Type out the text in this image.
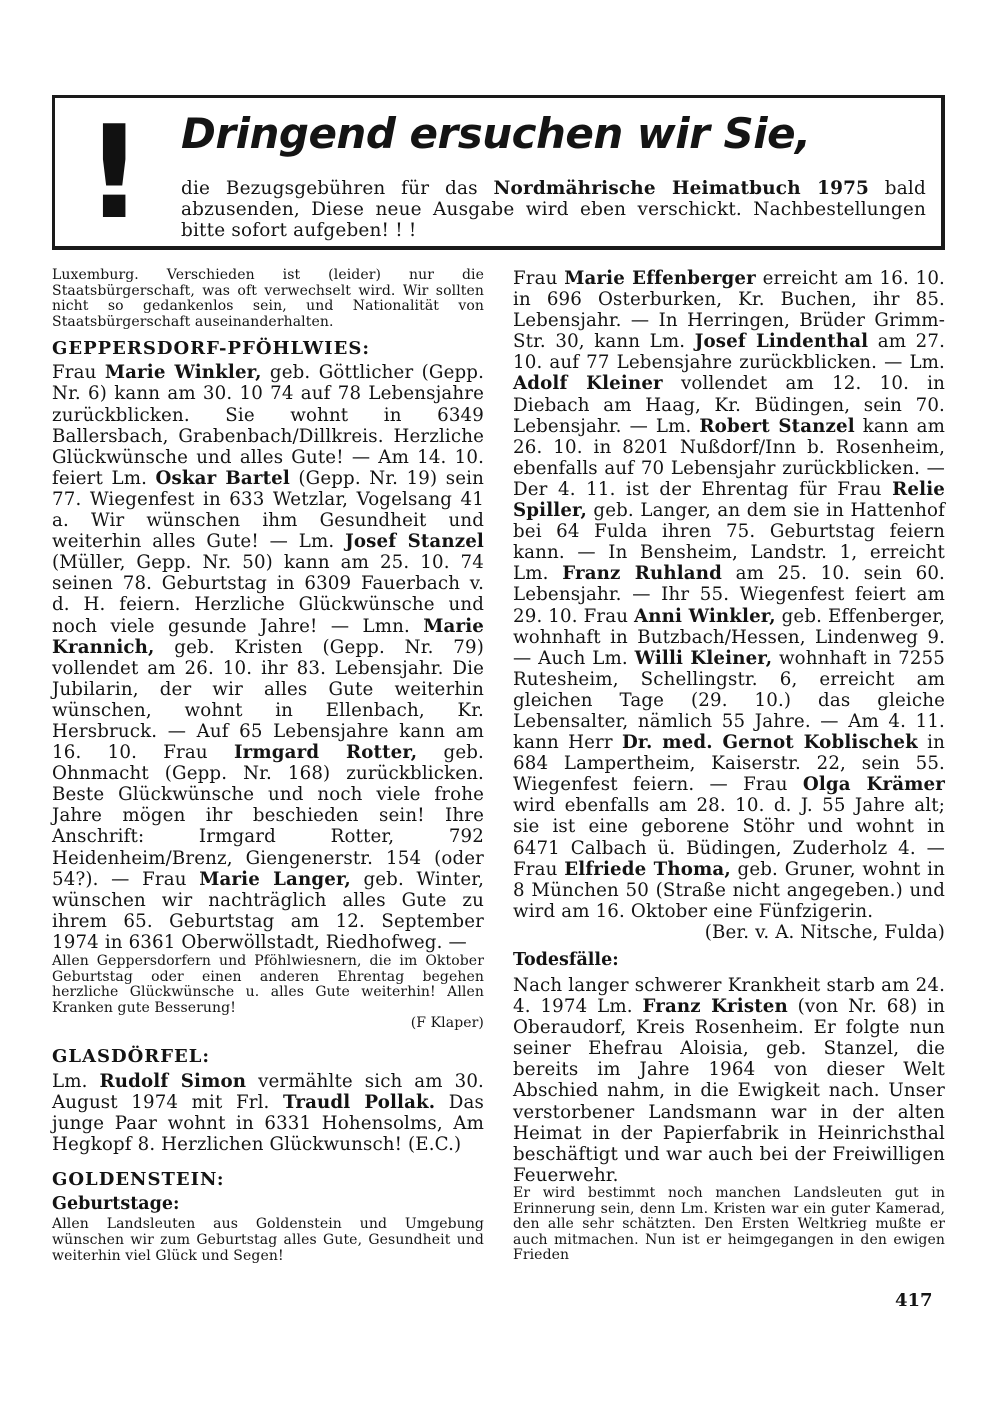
! Dringend ersuchen wir Sie,

die Bezugsgebühren für das Nordmährische Heimatbuch 1975 bald abzusenden, Diese neue Ausgabe wird eben verschickt. Nachbestellungen bitte sofort aufgeben! ! !

Luxemburg. Verschieden ist (leider) nur die Staatsbürgerschaft, was oft verwechselt wird. Wir sollten nicht so gedankenlos sein, und Nationalität von Staatsbürgerschaft auseinanderhalten.

GEPPERSDORF-PFÖHLWIES:

Frau Marie Winkler, geb. Göttlicher (Gepp. Nr. 6) kann am 30. 10 74 auf 78 Lebensjahre zurückblicken. Sie wohnt in 6349 Ballersbach, Grabenbach/Dillkreis. Herzliche Glückwünsche und alles Gute! — Am 14. 10. feiert Lm. Oskar Bartel (Gepp. Nr. 19) sein 77. Wiegenfest in 633 Wetzlar, Vogelsang 41 a. Wir wünschen ihm Gesundheit und weiterhin alles Gute! — Lm. Josef Stanzel (Müller, Gepp. Nr. 50) kann am 25. 10. 74 seinen 78. Geburtstag in 6309 Fauerbach v. d. H. feiern. Herzliche Glückwünsche und noch viele gesunde Jahre! — Lmn. Marie Krannich, geb. Kristen (Gepp. Nr. 79) vollendet am 26. 10. ihr 83. Lebensjahr. Die Jubilarin, der wir alles Gute weiterhin wünschen, wohnt in Ellenbach, Kr. Hersbruck. — Auf 65 Lebensjahre kann am 16. 10. Frau Irmgard Rotter, geb. Ohnmacht (Gepp. Nr. 168) zurückblicken. Beste Glückwünsche und noch viele frohe Jahre mögen ihr beschieden sein! Ihre Anschrift: Irmgard Rotter, 792 Heidenheim/Brenz, Giengenerstr. 154 (oder 54?). — Frau Marie Langer, geb. Winter, wünschen wir nachträglich alles Gute zu ihrem 65. Geburtstag am 12. September 1974 in 6361 Oberwöllstadt, Riedhofweg. —

Allen Geppersdorfern und Pföhlwiesnern, die im Oktober Geburtstag oder einen anderen Ehrentag begehen herzliche Glückwünsche u. alles Gute weiterhin! Allen Kranken gute Besserung!

(F Klaper)

GLASDÖRFEL:

Lm. Rudolf Simon vermählte sich am 30. August 1974 mit Frl. Traudl Pollak. Das junge Paar wohnt in 6331 Hohensolms, Am Hegkopf 8. Herzlichen Glückwunsch! (E.C.)

GOLDENSTEIN:
Geburtstage:

Allen Landsleuten aus Goldenstein und Umgebung wünschen wir zum Geburtstag alles Gute, Gesundheit und weiterhin viel Glück und Segen!

Frau Marie Effenberger erreicht am 16. 10. in 696 Osterburken, Kr. Buchen, ihr 85. Lebensjahr. — In Herringen, Brüder Grimm-Str. 30, kann Lm. Josef Lindenthal am 27. 10. auf 77 Lebensjahre zurückblicken. — Lm. Adolf Kleiner vollendet am 12. 10. in Diebach am Haag, Kr. Büdingen, sein 70. Lebensjahr. — Lm. Robert Stanzel kann am 26. 10. in 8201 Nußdorf/Inn b. Rosenheim, ebenfalls auf 70 Lebensjahr zurückblicken. — Der 4. 11. ist der Ehrentag für Frau Relie Spiller, geb. Langer, an dem sie in Hattenhof bei 64 Fulda ihren 75. Geburtstag feiern kann. — In Bensheim, Landstr. 1, erreicht Lm. Franz Ruhland am 25. 10. sein 60. Lebensjahr. — Ihr 55. Wiegenfest feiert am 29. 10. Frau Anni Winkler, geb. Effenberger, wohnhaft in Butzbach/Hessen, Lindenweg 9. — Auch Lm. Willi Kleiner, wohnhaft in 7255 Rutesheim, Schellingstr. 6, erreicht am gleichen Tage (29. 10.) das gleiche Lebensalter, nämlich 55 Jahre. — Am 4. 11. kann Herr Dr. med. Gernot Koblischek in 684 Lampertheim, Kaiserstr. 22, sein 55. Wiegenfest feiern. — Frau Olga Krämer wird ebenfalls am 28. 10. d. J. 55 Jahre alt; sie ist eine geborene Stöhr und wohnt in 6471 Calbach ü. Büdingen, Zuderholz 4. — Frau Elfriede Thoma, geb. Gruner, wohnt in 8 München 50 (Straße nicht angegeben.) und wird am 16. Oktober eine Fünfzigerin.

(Ber. v. A. Nitsche, Fulda)

Todesfälle:

Nach langer schwerer Krankheit starb am 24. 4. 1974 Lm. Franz Kristen (von Nr. 68) in Oberaudorf, Kreis Rosenheim. Er folgte nun seiner Ehefrau Aloisia, geb. Stanzel, die bereits im Jahre 1964 von dieser Welt Abschied nahm, in die Ewigkeit nach. Unser verstorbener Landsmann war in der alten Heimat in der Papierfabrik in Heinrichsthal beschäftigt und war auch bei der Freiwilligen Feuerwehr.

Er wird bestimmt noch manchen Landsleuten gut in Erinnerung sein, denn Lm. Kristen war ein guter Kamerad, den alle sehr schätzten. Den Ersten Weltkrieg mußte er auch mitmachen. Nun ist er heimgegangen in den ewigen Frieden

417
